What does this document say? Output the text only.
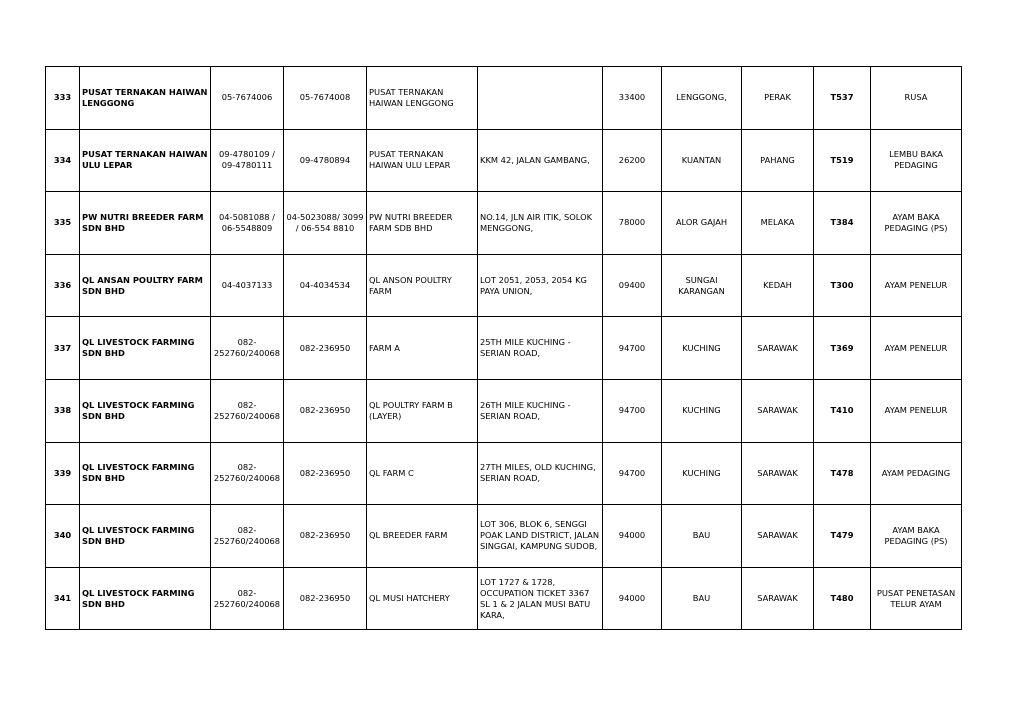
333	PUSAT TERNAKAN HAIWAN LENGGONG	05-7674006	05-7674008	PUSAT TERNAKAN HAIWAN LENGGONG		33400	LENGGONG,	PERAK	T537	RUSA
334	PUSAT TERNAKAN HAIWAN ULU LEPAR	09-4780109 / 09-4780111	09-4780894	PUSAT TERNAKAN HAIWAN ULU LEPAR	KKM 42, JALAN GAMBANG,	26200	KUANTAN	PAHANG	T519	LEMBU BAKA PEDAGING
335	PW NUTRI BREEDER FARM SDN BHD	04-5081088 / 06-5548809	04-5023088/ 3099 / 06-554 8810	PW NUTRI BREEDER FARM SDB BHD	NO.14, JLN AIR ITIK, SOLOK MENGGONG,	78000	ALOR GAJAH	MELAKA	T384	AYAM BAKA PEDAGING (PS)
336	QL ANSAN POULTRY FARM SDN BHD	04-4037133	04-4034534	QL ANSON POULTRY FARM	LOT 2051, 2053, 2054 KG PAYA UNION,	09400	SUNGAI KARANGAN	KEDAH	T300	AYAM PENELUR
337	QL LIVESTOCK FARMING SDN BHD	082-252760/240068	082-236950	FARM A	25TH MILE KUCHING - SERIAN ROAD,	94700	KUCHING	SARAWAK	T369	AYAM PENELUR
338	QL LIVESTOCK FARMING SDN BHD	082-252760/240068	082-236950	QL POULTRY FARM B (LAYER)	26TH MILE KUCHING - SERIAN ROAD,	94700	KUCHING	SARAWAK	T410	AYAM PENELUR
339	QL LIVESTOCK FARMING SDN BHD	082-252760/240068	082-236950	QL FARM C	27TH MILES, OLD KUCHING, SERIAN ROAD,	94700	KUCHING	SARAWAK	T478	AYAM PEDAGING
340	QL LIVESTOCK FARMING SDN BHD	082-252760/240068	082-236950	QL BREEDER FARM	LOT 306, BLOK 6, SENGGI POAK LAND DISTRICT, JALAN SINGGAI, KAMPUNG SUDOB,	94000	BAU	SARAWAK	T479	AYAM BAKA PEDAGING (PS)
341	QL LIVESTOCK FARMING SDN BHD	082-252760/240068	082-236950	QL MUSI HATCHERY	LOT 1727 & 1728, OCCUPATION TICKET 3367 SL 1 & 2 JALAN MUSI BATU KARA,	94000	BAU	SARAWAK	T480	PUSAT PENETASAN TELUR AYAM
